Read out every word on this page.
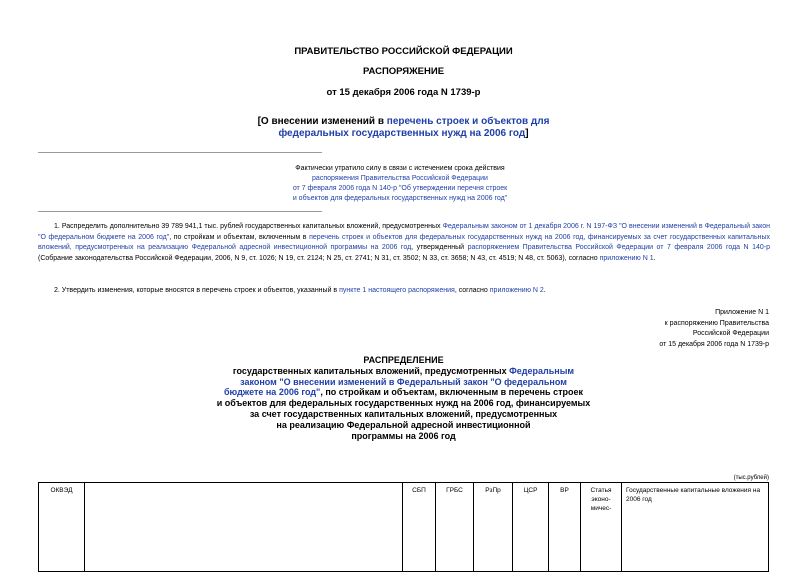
ПРАВИТЕЛЬСТВО РОССИЙСКОЙ ФЕДЕРАЦИИ
РАСПОРЯЖЕНИЕ
от 15 декабря 2006 года N 1739-р
[О внесении изменений в перечень строек и объектов для федеральных государственных нужд на 2006 год]
Фактически утратило силу в связи с истечением срока действия
распоряжения Правительства Российской Федерации
от 7 февраля 2006 года N 140-р "Об утверждении перечня строек
и объектов для федеральных государственных нужд на 2006 год"
1. Распределить дополнительно 39 789 941,1 тыс. рублей государственных капитальных вложений, предусмотренных Федеральным законом от 1 декабря 2006 г. N 197-ФЗ "О внесении изменений в Федеральный закон "О федеральном бюджете на 2006 год", по стройкам и объектам, включенным в перечень строек и объектов для федеральных государственных нужд на 2006 год, финансируемых за счет государственных капитальных вложений, предусмотренных на реализацию Федеральной адресной инвестиционной программы на 2006 год, утвержденный распоряжением Правительства Российской Федерации от 7 февраля 2006 года N 140-р (Собрание законодательства Российской Федерации, 2006, N 9, ст. 1026; N 19, ст. 2124; N 25, ст. 2741; N 31, ст. 3502; N 33, ст. 3658; N 43, ст. 4519; N 48, ст. 5063), согласно приложению N 1.
2. Утвердить изменения, которые вносятся в перечень строек и объектов, указанный в пункте 1 настоящего распоряжения, согласно приложению N 2.
Приложение N 1
к распоряжению Правительства
Российской Федерации
от 15 декабря 2006 года N 1739-р
РАСПРЕДЕЛЕНИЕ
государственных капитальных вложений, предусмотренных Федеральным
законом "О внесении изменений в Федеральный закон "О федеральном
бюджете на 2006 год", по стройкам и объектам, включенным в перечень строек
и объектов для федеральных государственных нужд на 2006 год, финансируемых
за счет государственных капитальных вложений, предусмотренных
на реализацию Федеральной адресной инвестиционной
программы на 2006 год
(тыс.рублей)
ОКВЭД		СБП	ГРБС	РзПр	ЦСР	ВР	Статья
эконо-
мичес-
	Государственные капитальные вложения на 2006 год
